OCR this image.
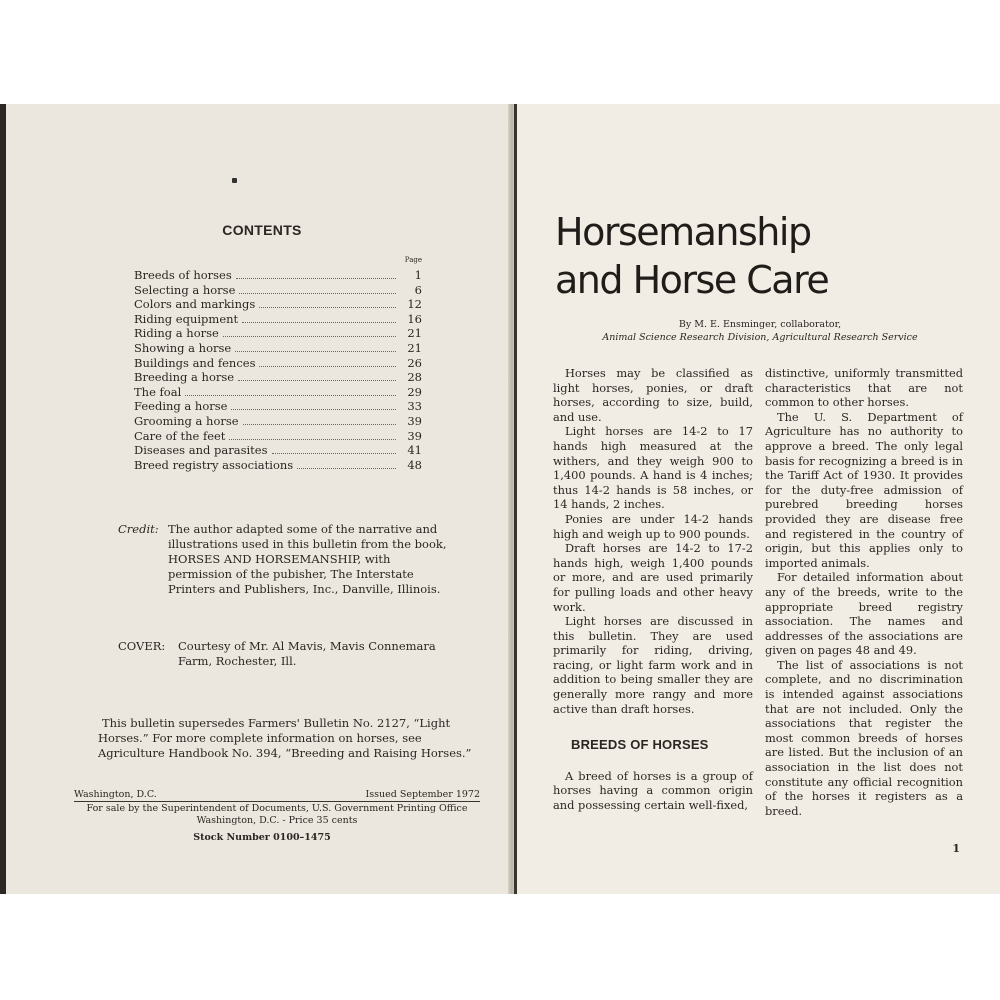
CONTENTS
Page
Breeds of horses	1
Selecting a horse	6
Colors and markings	12
Riding equipment	16
Riding a horse	21
Showing a horse	21
Buildings and fences	26
Breeding a horse	28
The foal	29
Feeding a horse	33
Grooming a horse	39
Care of the feet	39
Diseases and parasites	41
Breed registry associations	48
Credit: The author adapted some of the narrative and illustrations used in this bulletin from the book, HORSES AND HORSEMANSHIP, with permission of the pubisher, The Interstate Printers and Publishers, Inc., Danville, Illinois.
COVER:	Courtesy of Mr. Al Mavis, Mavis Connemara Farm, Rochester, Ill.
This bulletin supersedes Farmers' Bulletin No. 2127, “Light Horses.” For more complete information on horses, see Agriculture Handbook No. 394, “Breeding and Raising Horses.”
Washington, D.C.	Issued September 1972
For sale by the Superintendent of Documents, U.S. Government Printing Office
Washington, D.C. - Price 35 cents
Stock Number 0100–1475
Horsemanship
and Horse Care
By M. E. Ensminger, collaborator,
Animal Science Research Division, Agricultural Research Service

Horses may be classified as light horses, ponies, or draft horses, according to size, build, and use.

Light horses are 14-2 to 17 hands high measured at the withers, and they weigh 900 to 1,400 pounds. A hand is 4 inches; thus 14-2 hands is 58 inches, or 14 hands, 2 inches.

Ponies are under 14-2 hands high and weigh up to 900 pounds.

Draft horses are 14-2 to 17-2 hands high, weigh 1,400 pounds or more, and are used primarily for pulling loads and other heavy work.

Light horses are discussed in this bulletin. They are used primarily for riding, driving, racing, or light farm work and in addition to being smaller they are generally more rangy and more active than draft horses.

BREEDS OF HORSES

A breed of horses is a group of horses having a common origin and possessing certain well-fixed,

distinctive, uniformly transmitted characteristics that are not common to other horses.

The U. S. Department of Agriculture has no authority to approve a breed. The only legal basis for recognizing a breed is in the Tariff Act of 1930. It provides for the duty-free admission of purebred breeding horses provided they are disease free and registered in the country of origin, but this applies only to imported animals.

For detailed information about any of the breeds, write to the appropriate breed registry association. The names and addresses of the associations are given on pages 48 and 49.

The list of associations is not complete, and no discrimination is intended against associations that are not included. Only the associations that register the most common breeds of horses are listed. But the inclusion of an association in the list does not constitute any official recognition of the horses it registers as a breed.

1
